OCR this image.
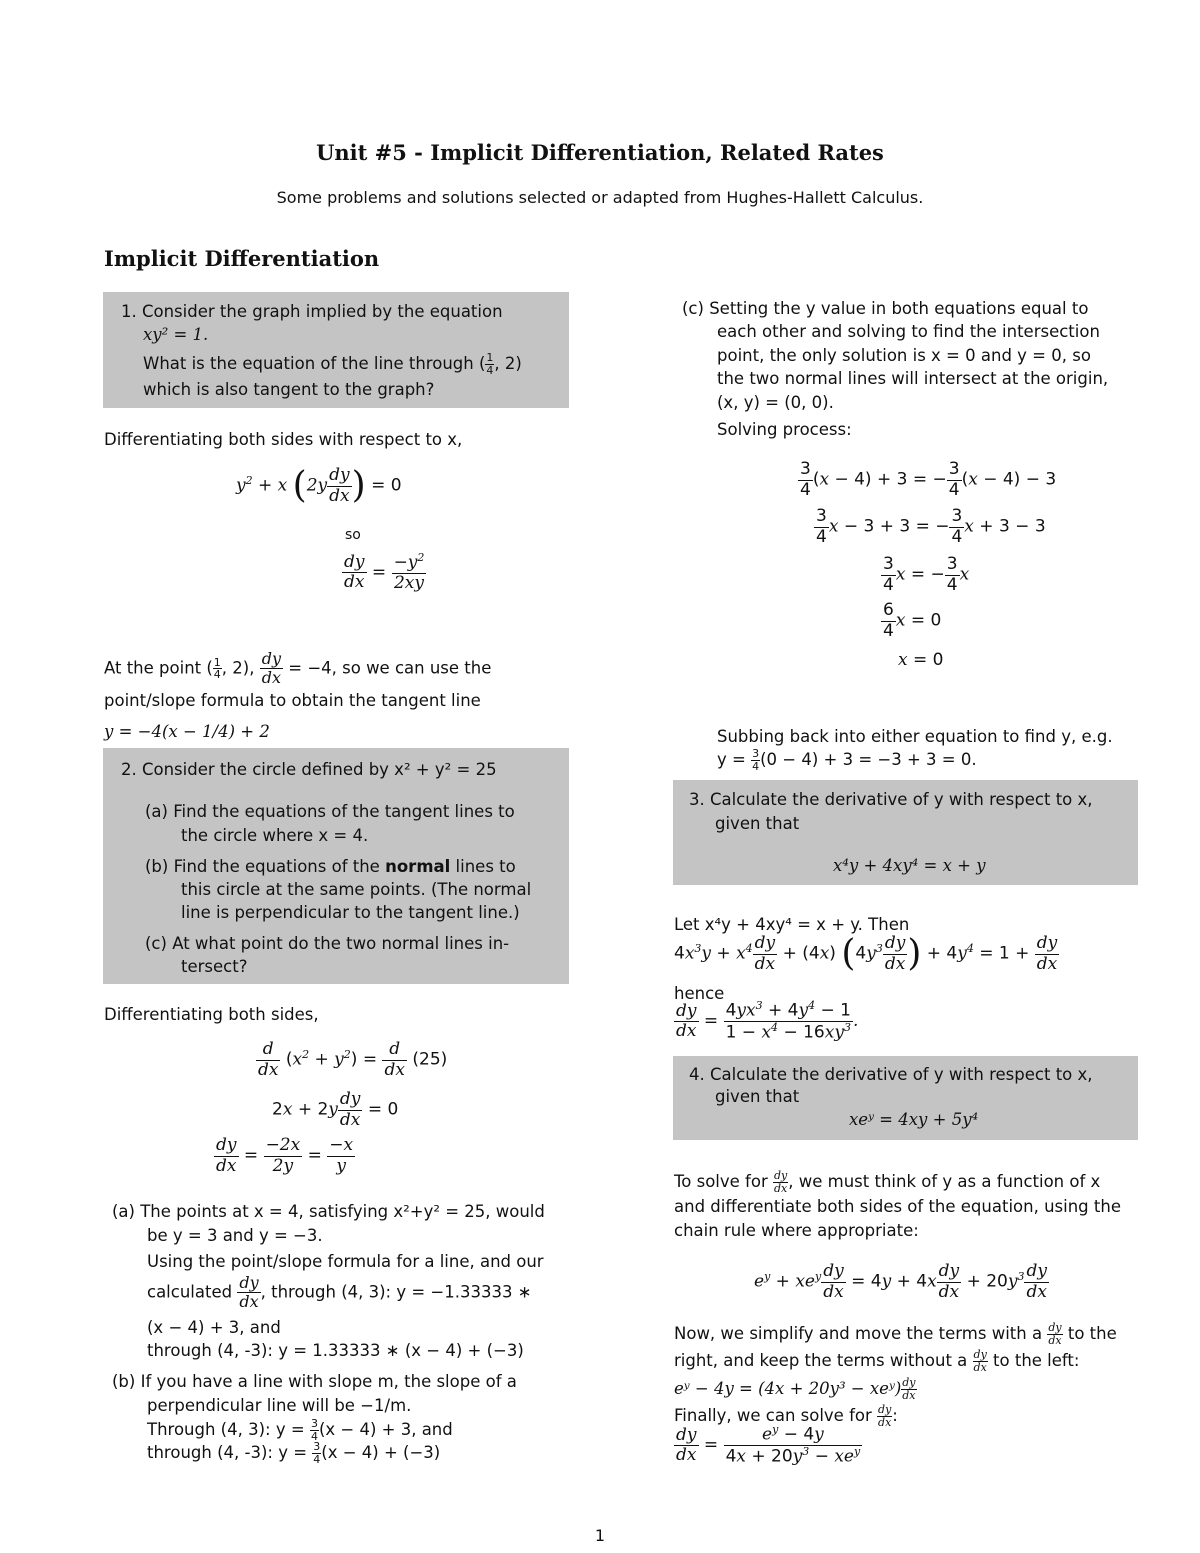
Unit #5 - Implicit Differentiation, Related Rates
Some problems and solutions selected or adapted from Hughes-Hallett Calculus.
Implicit Differentiation
1. Consider the graph implied by the equation
xy² = 1.
What is the equation of the line through ( $\frac{1}{4}$ , 2)
which is also tangent to the graph?
Differentiating both sides with respect to x,
$y^2 + x$ ($2y \frac{dy}{dx}$ ) = 0
so
$\frac{dy}{dx} = \frac{-y^2}{2xy}$
At the point ( $\frac{1}{4}$ , 2), $\frac{dy}{dx} = -4$, so we can use the
point/slope formula to obtain the tangent line
y = −4(x − 1/4) + 2
2. Consider the circle defined by x² + y² = 25
(a) Find the equations of the tangent lines to
the circle where x = 4.
(b) Find the equations of the normal lines to
this circle at the same points. (The normal
line is perpendicular to the tangent line.)
(c) At what point do the two normal lines in-
tersect?
Differentiating both sides,
$\frac{d}{dx} (x^2 + y^2) = \frac{d}{dx} (25)$
$2x + 2y \frac{dy}{dx} = 0$
$\frac{dy}{dx} = \frac{-2x}{2y} = \frac{-x}{y}$
(a) The points at x = 4, satisfying x²+y² = 25, would
be y = 3 and y = −3.
Using the point/slope formula for a line, and our
calculated $\frac{dy}{dx}$ , through (4, 3): y = −1.33333 ∗
(x − 4) + 3, and
through (4, -3): y = 1.33333 ∗ (x − 4) + (−3)
(b) If you have a line with slope m, the slope of a
perpendicular line will be −1/m.
Through (4, 3): $y = \frac{3}{4} (x - 4) + 3$, and
through (4, -3): $y = \frac{3}{4} (x - 4) + (-3)$
(c) Setting the y value in both equations equal to
each other and solving to find the intersection
point, the only solution is x = 0 and y = 0, so
the two normal lines will intersect at the origin,
(x, y) = (0, 0).
Solving process:
$\frac{3}{4} (x - 4) + 3$ = − $\frac{3}{4} (x - 4) - 3$
$\frac{3}{4}$ x − 3 + 3 = − $\frac{3}{4}$ x + 3 − 3
$\frac{3}{4}$ x = − $\frac{3}{4}$ x
$\frac{6}{4}$ x = 0
x = 0
Subbing back into either equation to find y, e.g.
$y = \frac{3}{4} (0 - 4) + 3 = -3 + 3 = 0$.
3. Calculate the derivative of y with respect to x,
given that
x⁴y + 4xy⁴ = x + y
Let x⁴y + 4xy⁴ = x + y. Then
$4x^3y + x^4 \frac{dy}{dx} + (4x)$ ($4y^3 \frac{dy}{dx}$ ) + $4y^4 = 1 + \frac{dy}{dx}$
hence
$\frac{dy}{dx} = \frac{4yx^3 + 4y^4 - 1}{1 - x^4 - 16xy^3}$ .
4. Calculate the derivative of y with respect to x,
given that
xeʸ = 4xy + 5y⁴
To solve for $\frac{dy}{dx}$ , we must think of y as a function of x
and differentiate both sides of the equation, using the
chain rule where appropriate:
$e^y + xe^y \frac{dy}{dx} = 4y + 4x \frac{dy}{dx} + 20y^3 \frac{dy}{dx}$
Now, we simplify and move the terms with a $\frac{dy}{dx}$ to the
right, and keep the terms without a $\frac{dy}{dx}$ to the left:
eʸ − 4y = (4x + 20y³ − xeʸ) $\frac{dy}{dx}$
Finally, we can solve for $\frac{dy}{dx}$ :
$\frac{dy}{dx} = \frac{e^y - 4y}{4x + 20y^3 - xe^y}$
1
